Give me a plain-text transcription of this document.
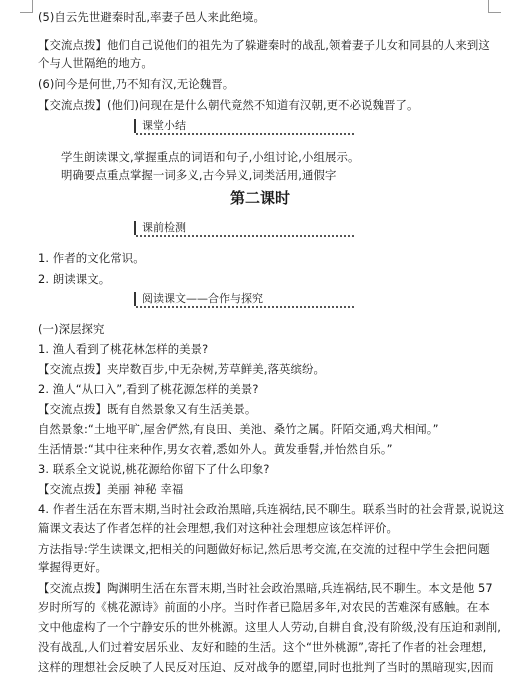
(5)自云先世避秦时乱,率妻子邑人来此绝境。
【交流点拨】他们自己说他们的祖先为了躲避秦时的战乱,领着妻子儿女和同县的人来到这
个与人世隔绝的地方。
(6)问今是何世,乃不知有汉,无论魏晋。
【交流点拨】(他们)问现在是什么朝代竟然不知道有汉朝,更不必说魏晋了。
课堂小结
学生朗读课文,掌握重点的词语和句子,小组讨论,小组展示。
明确要点重点掌握一词多义,古今异义,词类活用,通假字
第二课时
课前检测
1. 作者的文化常识。
2. 朗读课文。
阅读课文——合作与探究
(一)深层探究
1. 渔人看到了桃花林怎样的美景?
【交流点拨】夹岸数百步,中无杂树,芳草鲜美,落英缤纷。
2. 渔人“从口入”,看到了桃花源怎样的美景?
【交流点拨】既有自然景象又有生活美景。
自然景象:“土地平旷,屋舍俨然,有良田、美池、桑竹之属。阡陌交通,鸡犬相闻。”
生活情景:“其中往来种作,男女衣着,悉如外人。黄发垂髫,并怡然自乐。”
3. 联系全文说说,桃花源给你留下了什么印象?
【交流点拨】美丽 神秘 幸福
4. 作者生活在东晋末期,当时社会政治黑暗,兵连祸结,民不聊生。联系当时的社会背景,说说这
篇课文表达了作者怎样的社会理想,我们对这种社会理想应该怎样评价。
方法指导:学生读课文,把相关的问题做好标记,然后思考交流,在交流的过程中学生会把问题
掌握得更好。
【交流点拨】陶渊明生活在东晋末期,当时社会政治黑暗,兵连祸结,民不聊生。本文是他 57
岁时所写的《桃花源诗》前面的小序。当时作者已隐居多年,对农民的苦难深有感触。在本
文中他虚构了一个宁静安乐的世外桃源。这里人人劳动,自耕自食,没有阶级,没有压迫和剥削,
没有战乱,人们过着安居乐业、友好和睦的生活。这个“世外桃源”,寄托了作者的社会理想,
这样的理想社会反映了人民反对压迫、反对战争的愿望,同时也批判了当时的黑暗现实,因而
